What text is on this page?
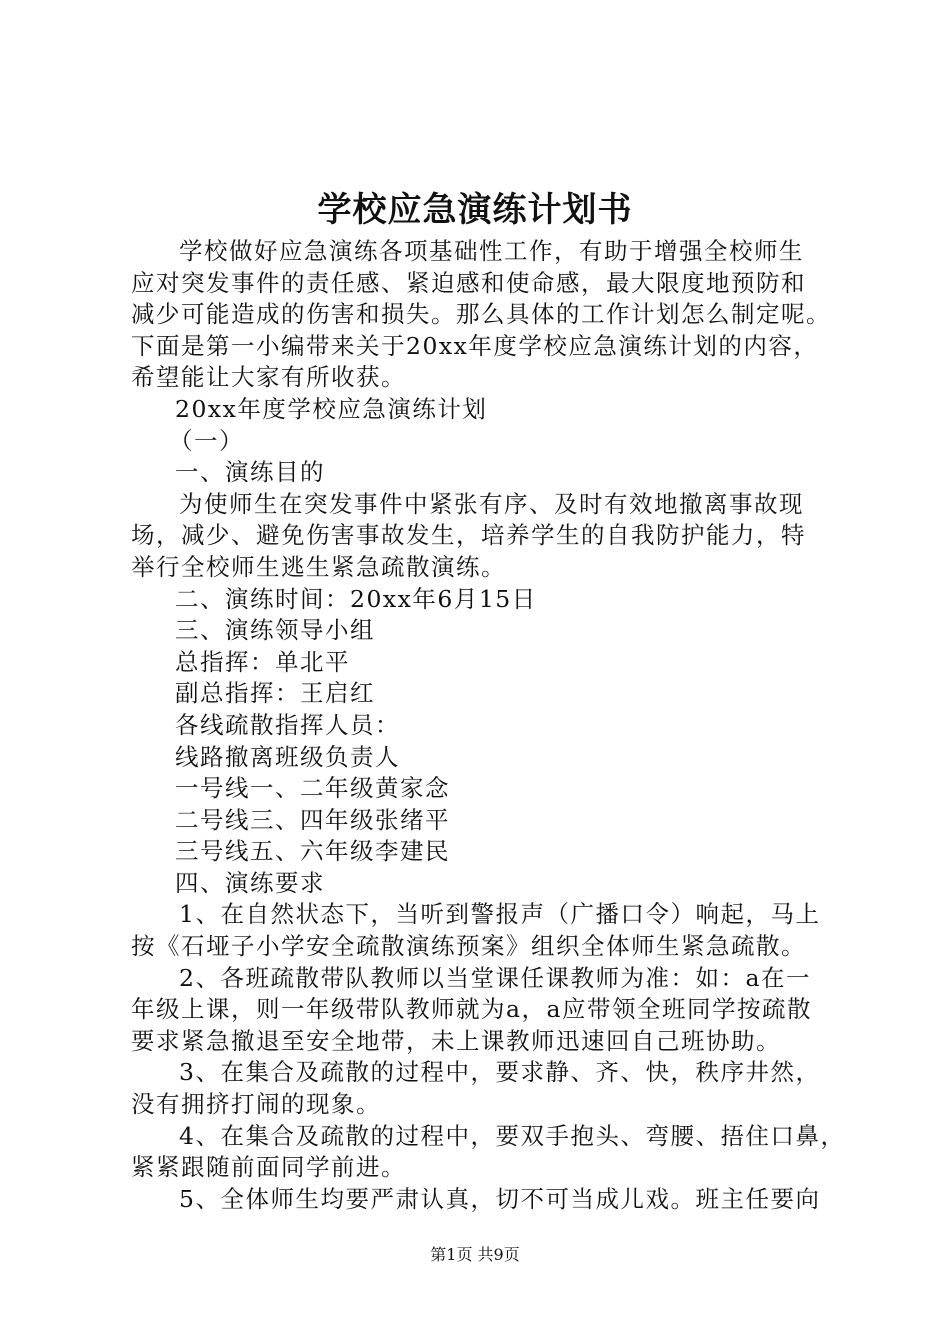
学校应急演练计划书

学校做好应急演练各项基础性工作，有助于增强全校师生

应对突发事件的责任感、紧迫感和使命感，最大限度地预防和

减少可能造成的伤害和损失。那么具体的工作计划怎么制定呢。

下面是第一小编带来关于20xx年度学校应急演练计划的内容，

希望能让大家有所收获。

20xx年度学校应急演练计划

（一）

一、演练目的

为使师生在突发事件中紧张有序、及时有效地撤离事故现

场，减少、避免伤害事故发生，培养学生的自我防护能力，特

举行全校师生逃生紧急疏散演练。

二、演练时间：20xx年6月15日

三、演练领导小组

总指挥：单北平

副总指挥：王启红

各线疏散指挥人员：

线路撤离班级负责人

一号线一、二年级黄家念

二号线三、四年级张绪平

三号线五、六年级李建民

四、演练要求

1、在自然状态下，当听到警报声（广播口令）响起，马上

按《石垭子小学安全疏散演练预案》组织全体师生紧急疏散。

2、各班疏散带队教师以当堂课任课教师为准：如：a在一

年级上课，则一年级带队教师就为a，a应带领全班同学按疏散

要求紧急撤退至安全地带，未上课教师迅速回自己班协助。

3、在集合及疏散的过程中，要求静、齐、快，秩序井然，

没有拥挤打闹的现象。

4、在集合及疏散的过程中，要双手抱头、弯腰、捂住口鼻，

紧紧跟随前面同学前进。

5、全体师生均要严肃认真，切不可当成儿戏。班主任要向

第1页 共9页
